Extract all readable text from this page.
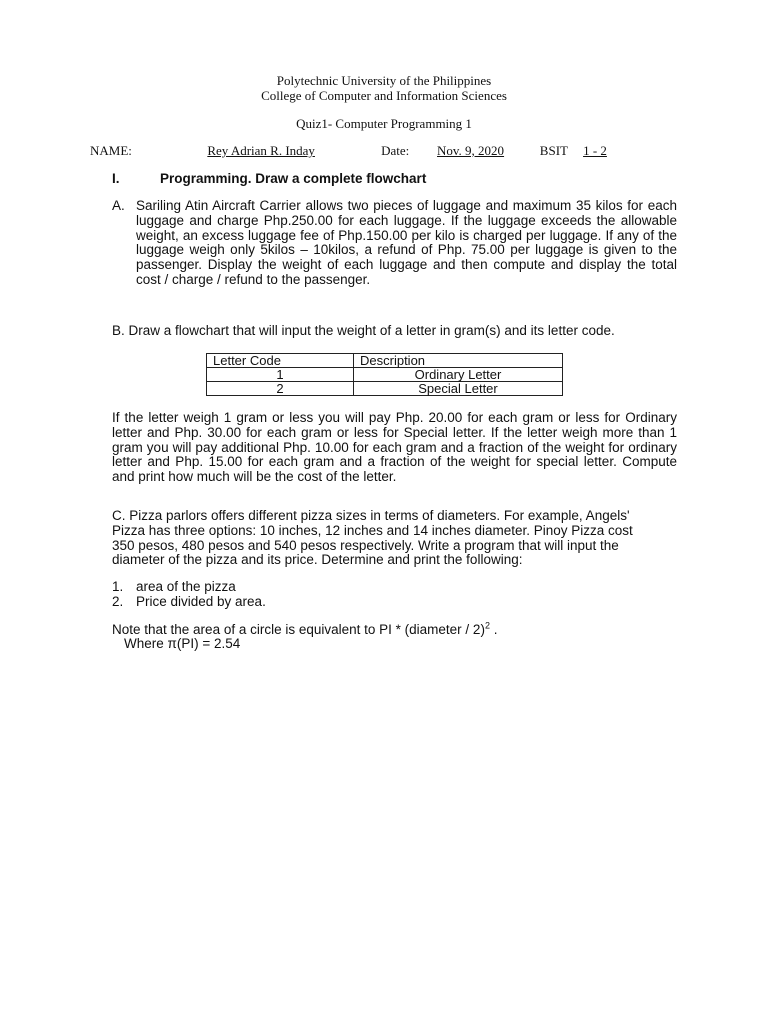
Polytechnic University of the Philippines
College of Computer and Information Sciences
Quiz1- Computer Programming 1
NAME:	Rey Adrian R. Inday	Date: Nov. 9, 2020	BSIT 1 - 2
I.	Programming. Draw a complete flowchart
A. Sariling Atin Aircraft Carrier allows two pieces of luggage and maximum 35 kilos for each luggage and charge Php.250.00 for each luggage. If the luggage exceeds the allowable weight, an excess luggage fee of Php.150.00 per kilo is charged per luggage. If any of the luggage weigh only 5kilos – 10kilos, a refund of Php. 75.00 per luggage is given to the passenger. Display the weight of each luggage and then compute and display the total cost / charge / refund to the passenger.
B. Draw a flowchart that will input the weight of a letter in gram(s) and its letter code.
Letter Code	Description
1	Ordinary Letter
2	Special Letter
If the letter weigh 1 gram or less you will pay Php. 20.00 for each gram or less for Ordinary letter and Php. 30.00 for each gram or less for Special letter. If the letter weigh more than 1 gram you will pay additional Php. 10.00 for each gram and a fraction of the weight for ordinary letter and Php. 15.00 for each gram and a fraction of the weight for special letter. Compute and print how much will be the cost of the letter.
C. Pizza parlors offers different pizza sizes in terms of diameters. For example, Angels' Pizza has three options: 10 inches, 12 inches and 14 inches diameter. Pinoy Pizza cost 350 pesos, 480 pesos and 540 pesos respectively. Write a program that will input the diameter of the pizza and its price. Determine and print the following:
1. area of the pizza
2. Price divided by area.
Note that the area of a circle is equivalent to PI * (diameter / 2)$^2$ .
Where π(PI) = 2.54
